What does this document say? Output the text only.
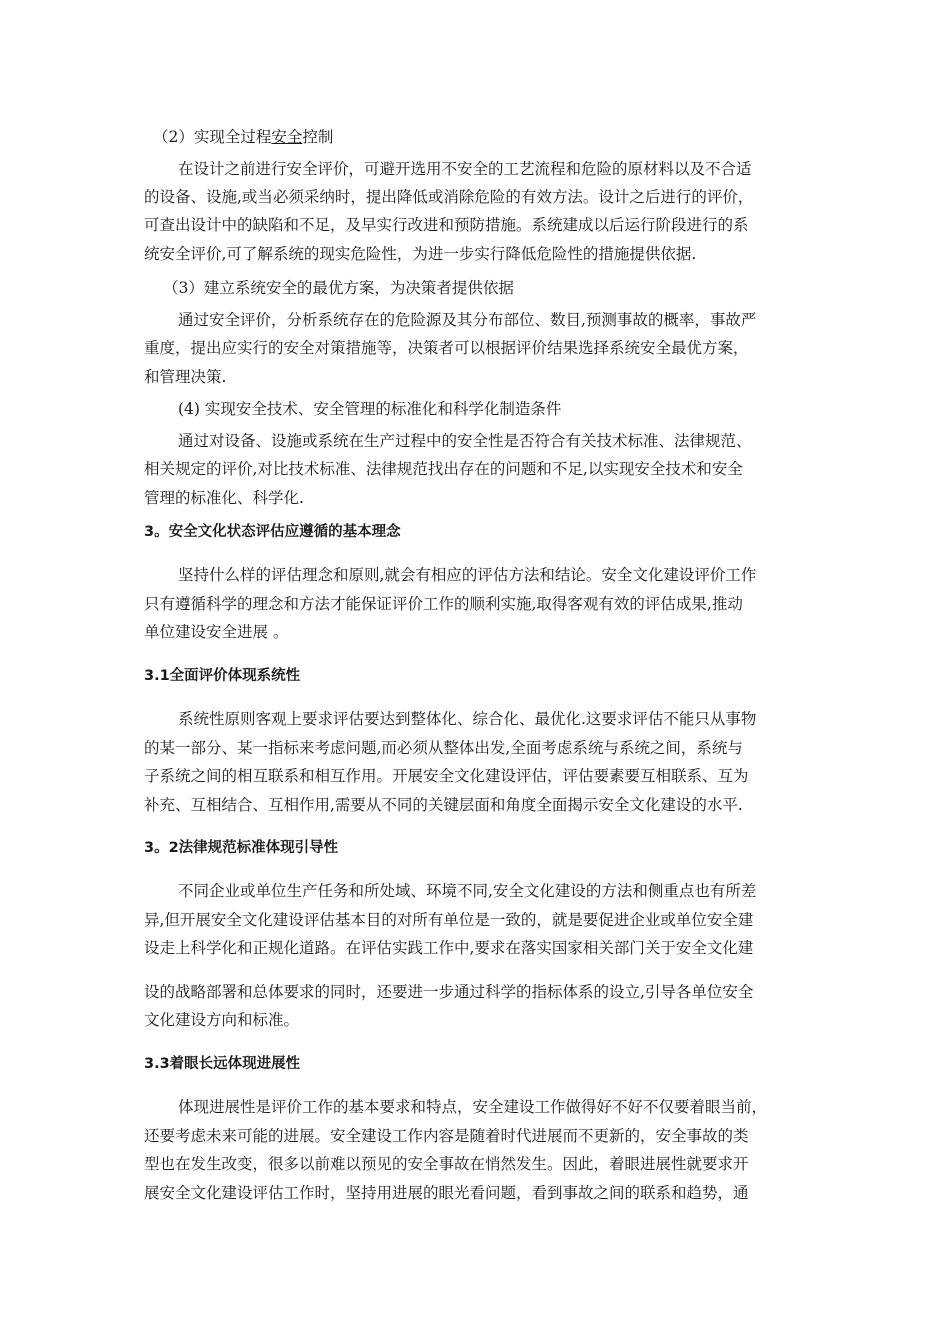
（2）实现全过程安全控制
在设计之前进行安全评价，可避开选用不安全的工艺流程和危险的原材料以及不合适
的设备、设施,或当必须采纳时，提出降低或消除危险的有效方法。设计之后进行的评价，
可查出设计中的缺陷和不足，及早实行改进和预防措施。系统建成以后运行阶段进行的系
统安全评价,可了解系统的现实危险性，为进一步实行降低危险性的措施提供依据.
（3）建立系统安全的最优方案，为决策者提供依据
通过安全评价，分析系统存在的危险源及其分布部位、数目,预测事故的概率，事故严
重度，提出应实行的安全对策措施等，决策者可以根据评价结果选择系统安全最优方案，
和管理决策.
(4) 实现安全技术、安全管理的标准化和科学化制造条件
通过对设备、设施或系统在生产过程中的安全性是否符合有关技术标准、法律规范、
相关规定的评价,对比技术标准、法律规范找出存在的问题和不足,以实现安全技术和安全
管理的标准化、科学化.
3。安全文化状态评估应遵循的基本理念
坚持什么样的评估理念和原则,就会有相应的评估方法和结论。安全文化建设评价工作
只有遵循科学的理念和方法才能保证评价工作的顺利实施,取得客观有效的评估成果,推动
单位建设安全进展 。
3.1全面评价体现系统性
系统性原则客观上要求评估要达到整体化、综合化、最优化.这要求评估不能只从事物
的某一部分、某一指标来考虑问题,而必须从整体出发,全面考虑系统与系统之间，系统与
子系统之间的相互联系和相互作用。开展安全文化建设评估，评估要素要互相联系、互为
补充、互相结合、互相作用,需要从不同的关键层面和角度全面揭示安全文化建设的水平.
3。2法律规范标准体现引导性
不同企业或单位生产任务和所处域、环境不同,安全文化建设的方法和侧重点也有所差
异,但开展安全文化建设评估基本目的对所有单位是一致的，就是要促进企业或单位安全建
设走上科学化和正规化道路。在评估实践工作中,要求在落实国家相关部门关于安全文化建
设的战略部署和总体要求的同时，还要进一步通过科学的指标体系的设立,引导各单位安全
文化建设方向和标准。
3.3着眼长远体现进展性
体现进展性是评价工作的基本要求和特点，安全建设工作做得好不好不仅要着眼当前，
还要考虑未来可能的进展。安全建设工作内容是随着时代进展而不更新的，安全事故的类
型也在发生改变，很多以前难以预见的安全事故在悄然发生。因此，着眼进展性就要求开
展安全文化建设评估工作时，坚持用进展的眼光看问题，看到事故之间的联系和趋势，通
